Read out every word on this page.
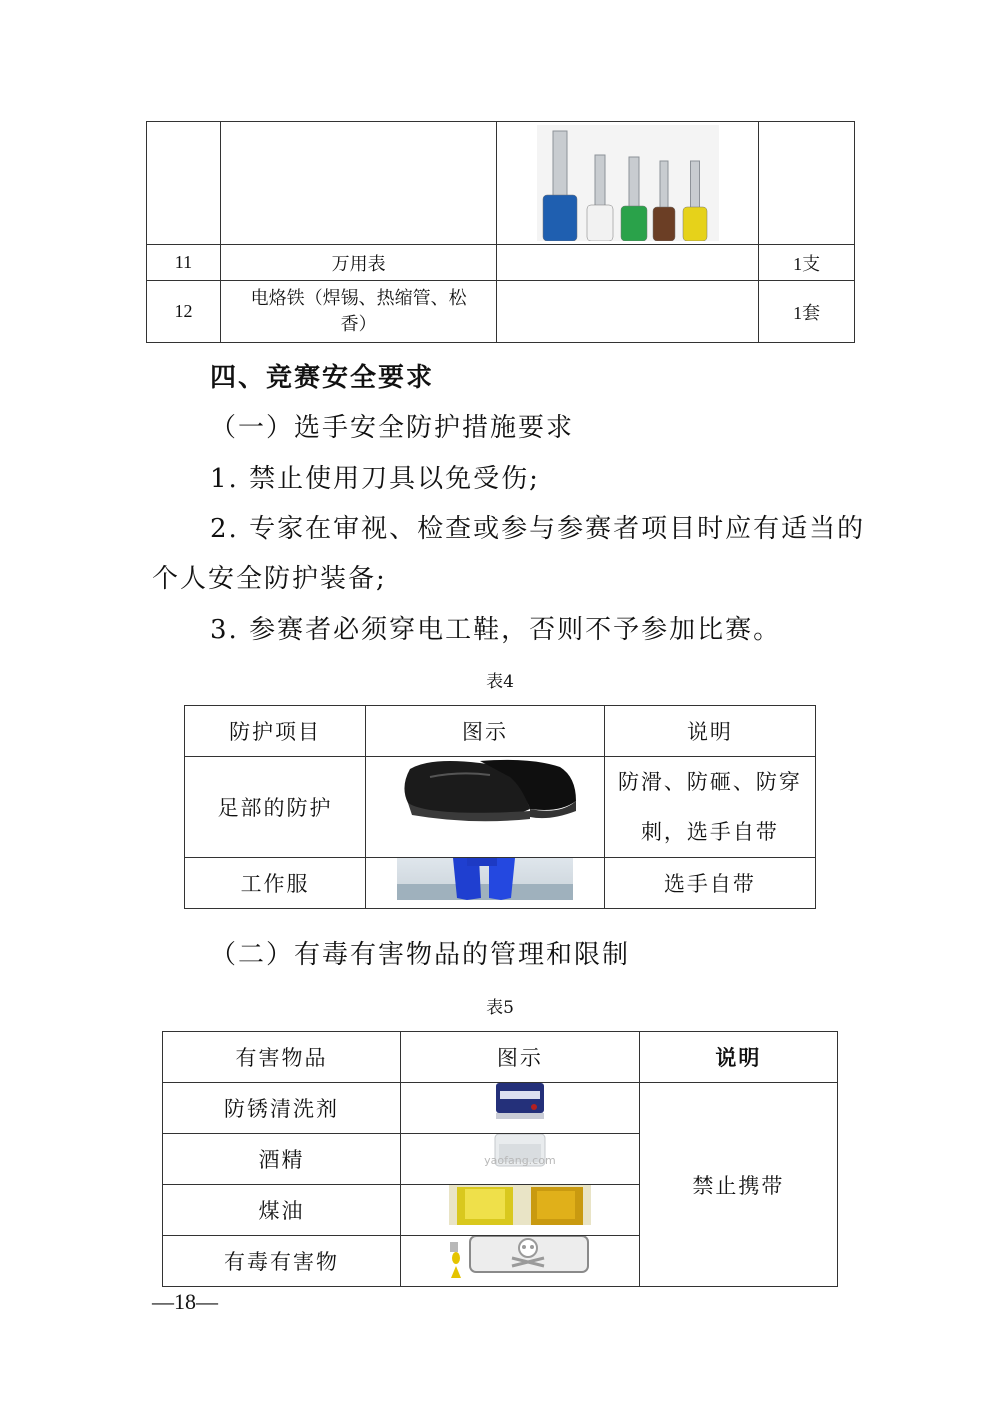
11	万用表		1支
12	电烙铁（焊锡、热缩管、松
香）		1套
四、竞赛安全要求
（一）选手安全防护措施要求
1. 禁止使用刀具以免受伤;
2. 专家在审视、检查或参与参赛者项目时应有适当的
个人安全防护装备;
3. 参赛者必须穿电工鞋，否则不予参加比赛。
表4
防护项目	图示	说明
足部的防护		防滑、防砸、防穿
刺，选手自带

工作服		选手自带
（二）有毒有害物品的管理和限制
表5
有害物品	图示	说明
防锈清洗剂		禁止携带
酒精	yaofang.com	

煤油	

有毒有害物	
—18—
